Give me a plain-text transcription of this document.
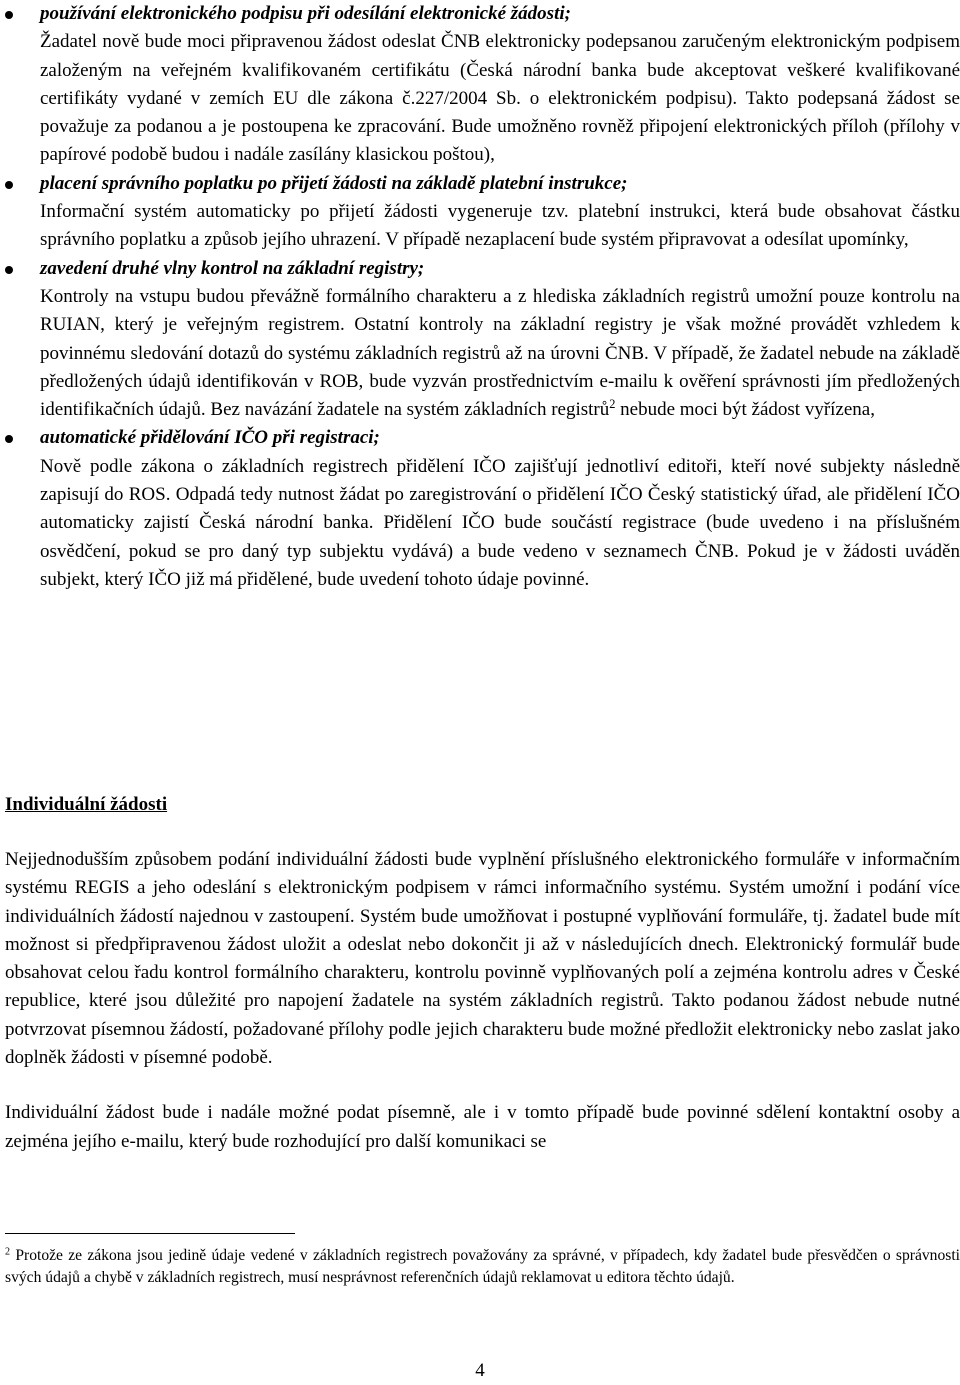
používání elektronického podpisu při odesílání elektronické žádosti;

Žadatel nově bude moci připravenou žádost odeslat ČNB elektronicky podepsanou zaručeným elektronickým podpisem založeným na veřejném kvalifikovaném certifikátu (Česká národní banka bude akceptovat veškeré kvalifikované certifikáty vydané v zemích EU dle zákona č.227/2004 Sb. o elektronickém podpisu). Takto podepsaná žádost se považuje za podanou a je postoupena ke zpracování. Bude umožněno rovněž připojení elektronických příloh (přílohy v papírové podobě budou i nadále zasílány klasickou poštou),

placení správního poplatku po přijetí žádosti na základě platební instrukce;

Informační systém automaticky po přijetí žádosti vygeneruje tzv. platební instrukci, která bude obsahovat částku správního poplatku a způsob jejího uhrazení. V případě nezaplacení bude systém připravovat a odesílat upomínky,

zavedení druhé vlny kontrol na základní registry;

Kontroly na vstupu budou převážně formálního charakteru a z hlediska základních registrů umožní pouze kontrolu na RUIAN, který je veřejným registrem. Ostatní kontroly na základní registry je však možné provádět vzhledem k povinnému sledování dotazů do systému základních registrů až na úrovni ČNB. V případě, že žadatel nebude na základě předložených údajů identifikován v ROB, bude vyzván prostřednictvím e-mailu k ověření správnosti jím předložených identifikačních údajů. Bez navázání žadatele na systém základních registrů$^2$ nebude moci být žádost vyřízena,

automatické přidělování IČO při registraci;

Nově podle zákona o základních registrech přidělení IČO zajišťují jednotliví editoři, kteří nové subjekty následně zapisují do ROS. Odpadá tedy nutnost žádat po zaregistrování o přidělení IČO Český statistický úřad, ale přidělení IČO automaticky zajistí Česká národní banka. Přidělení IČO bude součástí registrace (bude uvedeno i na příslušném osvědčení, pokud se pro daný typ subjektu vydává) a bude vedeno v seznamech ČNB. Pokud je v žádosti uváděn subjekt, který IČO již má přidělené, bude uvedení tohoto údaje povinné.

Individuální žádosti

Nejjednodušším způsobem podání individuální žádosti bude vyplnění příslušného elektronického formuláře v informačním systému REGIS a jeho odeslání s elektronickým podpisem v rámci informačního systému. Systém umožní i podání více individuálních žádostí najednou v zastoupení. Systém bude umožňovat i postupné vyplňování formuláře, tj. žadatel bude mít možnost si předpřipravenou žádost uložit a odeslat nebo dokončit ji až v následujících dnech. Elektronický formulář bude obsahovat celou řadu kontrol formálního charakteru, kontrolu povinně vyplňovaných polí a zejména kontrolu adres v České republice, které jsou důležité pro napojení žadatele na systém základních registrů. Takto podanou žádost nebude nutné potvrzovat písemnou žádostí, požadované přílohy podle jejich charakteru bude možné předložit elektronicky nebo zaslat jako doplněk žádosti v písemné podobě.

Individuální žádost bude i nadále možné podat písemně, ale i v tomto případě bude povinné sdělení kontaktní osoby a zejména jejího e-mailu, který bude rozhodující pro další komunikaci se

$^2$ Protože ze zákona jsou jedině údaje vedené v základních registrech považovány za správné, v případech, kdy žadatel bude přesvědčen o správnosti svých údajů a chybě v základních registrech, musí nesprávnost referenčních údajů reklamovat u editora těchto údajů.

4
